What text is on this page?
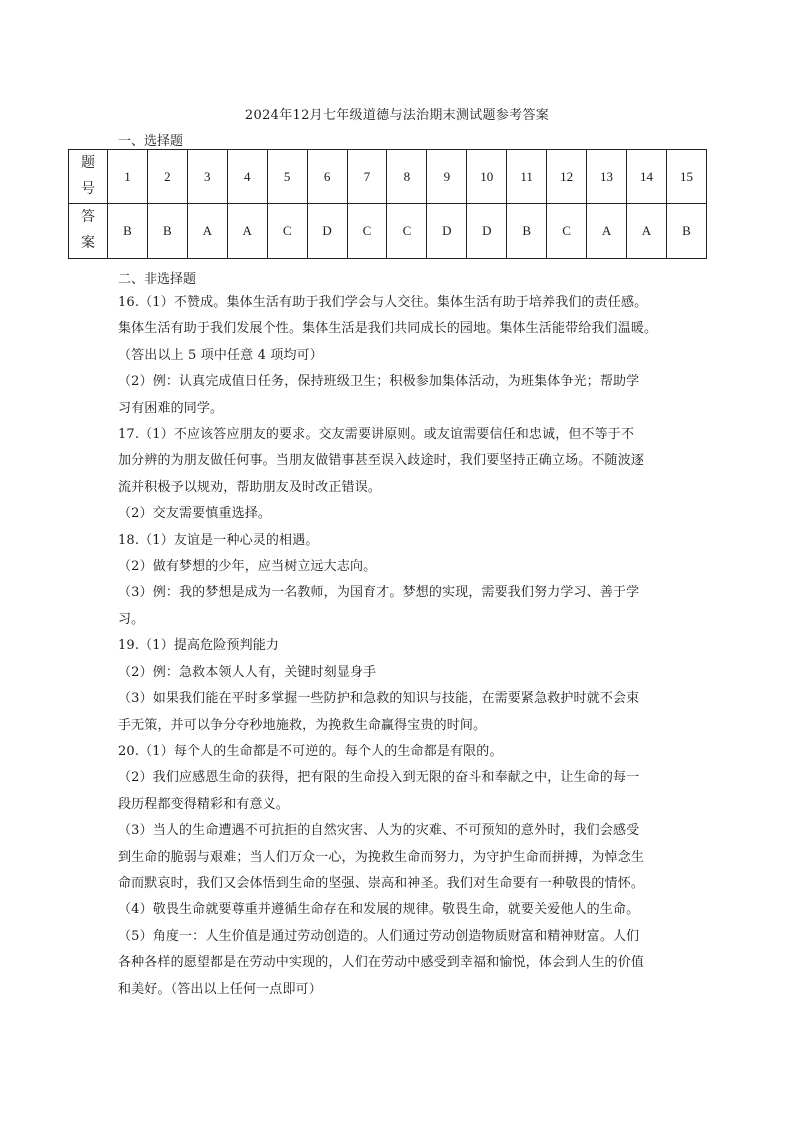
2024年12月七年级道德与法治期末测试题参考答案
一、选择题
题
号	1	2	3	4	5	6	7	8	9	10	11	12	13	14	15
答
案	B	B	A	A	C	D	C	C	D	D	B	C	A	A	B
二、非选择题

16.（1）不赞成。集体生活有助于我们学会与人交往。集体生活有助于培养我们的责任感。

集体生活有助于我们发展个性。集体生活是我们共同成长的园地。集体生活能带给我们温暖。

（答出以上 5 项中任意 4 项均可）

（2）例：认真完成值日任务，保持班级卫生；积极参加集体活动，为班集体争光；帮助学

习有困难的同学。

17.（1）不应该答应朋友的要求。交友需要讲原则。或友谊需要信任和忠诚，但不等于不

加分辨的为朋友做任何事。当朋友做错事甚至误入歧途时，我们要坚持正确立场。不随波逐

流并积极予以规劝，帮助朋友及时改正错误。

（2）交友需要慎重选择。

18.（1）友谊是一种心灵的相遇。

（2）做有梦想的少年，应当树立远大志向。

（3）例：我的梦想是成为一名教师，为国育才。梦想的实现，需要我们努力学习、善于学

习。

19.（1）提高危险预判能力

（2）例：急救本领人人有，关键时刻显身手

（3）如果我们能在平时多掌握一些防护和急救的知识与技能，在需要紧急救护时就不会束

手无策，并可以争分夺秒地施救，为挽救生命赢得宝贵的时间。

20.（1）每个人的生命都是不可逆的。每个人的生命都是有限的。

（2）我们应感恩生命的获得，把有限的生命投入到无限的奋斗和奉献之中，让生命的每一

段历程都变得精彩和有意义。

（3）当人的生命遭遇不可抗拒的自然灾害、人为的灾难、不可预知的意外时，我们会感受

到生命的脆弱与艰难；当人们万众一心，为挽救生命而努力，为守护生命而拼搏，为悼念生

命而默哀时，我们又会体悟到生命的坚强、崇高和神圣。我们对生命要有一种敬畏的情怀。

（4）敬畏生命就要尊重并遵循生命存在和发展的规律。敬畏生命，就要关爱他人的生命。

（5）角度一：人生价值是通过劳动创造的。人们通过劳动创造物质财富和精神财富。人们

各种各样的愿望都是在劳动中实现的，人们在劳动中感受到幸福和愉悦，体会到人生的价值

和美好。（答出以上任何一点即可）
